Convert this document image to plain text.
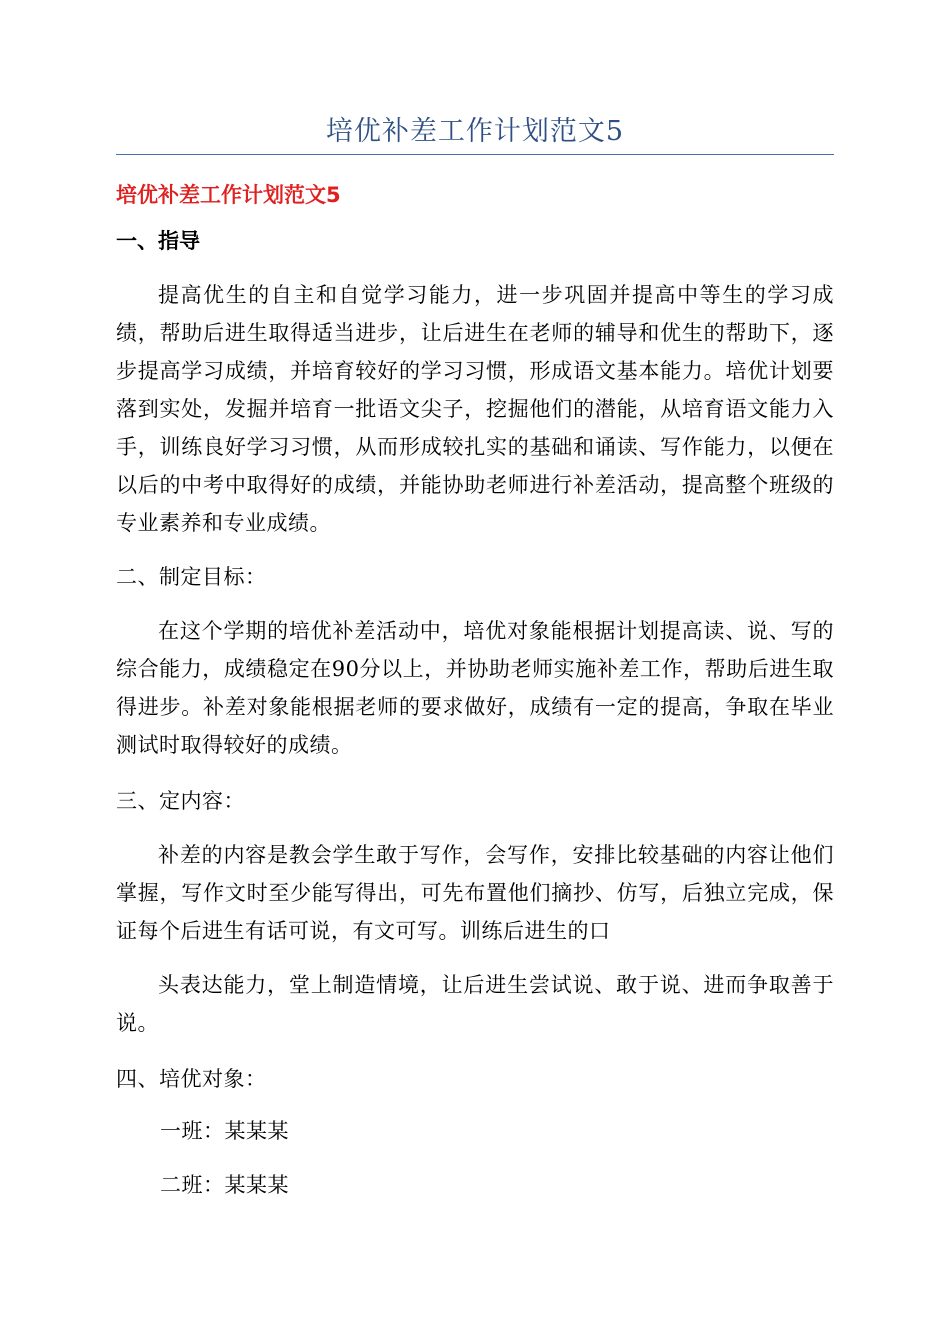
培优补差工作计划范文5
培优补差工作计划范文5
一、指导
提高优生的自主和自觉学习能力，进一步巩固并提高中等生的学习成绩，帮助后进生取得适当进步，让后进生在老师的辅导和优生的帮助下，逐步提高学习成绩，并培育较好的学习习惯，形成语文基本能力。培优计划要落到实处，发掘并培育一批语文尖子，挖掘他们的潜能，从培育语文能力入手，训练良好学习习惯，从而形成较扎实的基础和诵读、写作能力，以便在以后的中考中取得好的成绩，并能协助老师进行补差活动，提高整个班级的专业素养和专业成绩。
二、制定目标：
在这个学期的培优补差活动中，培优对象能根据计划提高读、说、写的综合能力，成绩稳定在90分以上，并协助老师实施补差工作，帮助后进生取得进步。补差对象能根据老师的要求做好，成绩有一定的提高，争取在毕业测试时取得较好的成绩。
三、定内容：
补差的内容是教会学生敢于写作，会写作，安排比较基础的内容让他们掌握，写作文时至少能写得出，可先布置他们摘抄、仿写，后独立完成，保证每个后进生有话可说，有文可写。训练后进生的口
头表达能力，堂上制造情境，让后进生尝试说、敢于说、进而争取善于说。
四、培优对象：
一班：某某某
二班：某某某
